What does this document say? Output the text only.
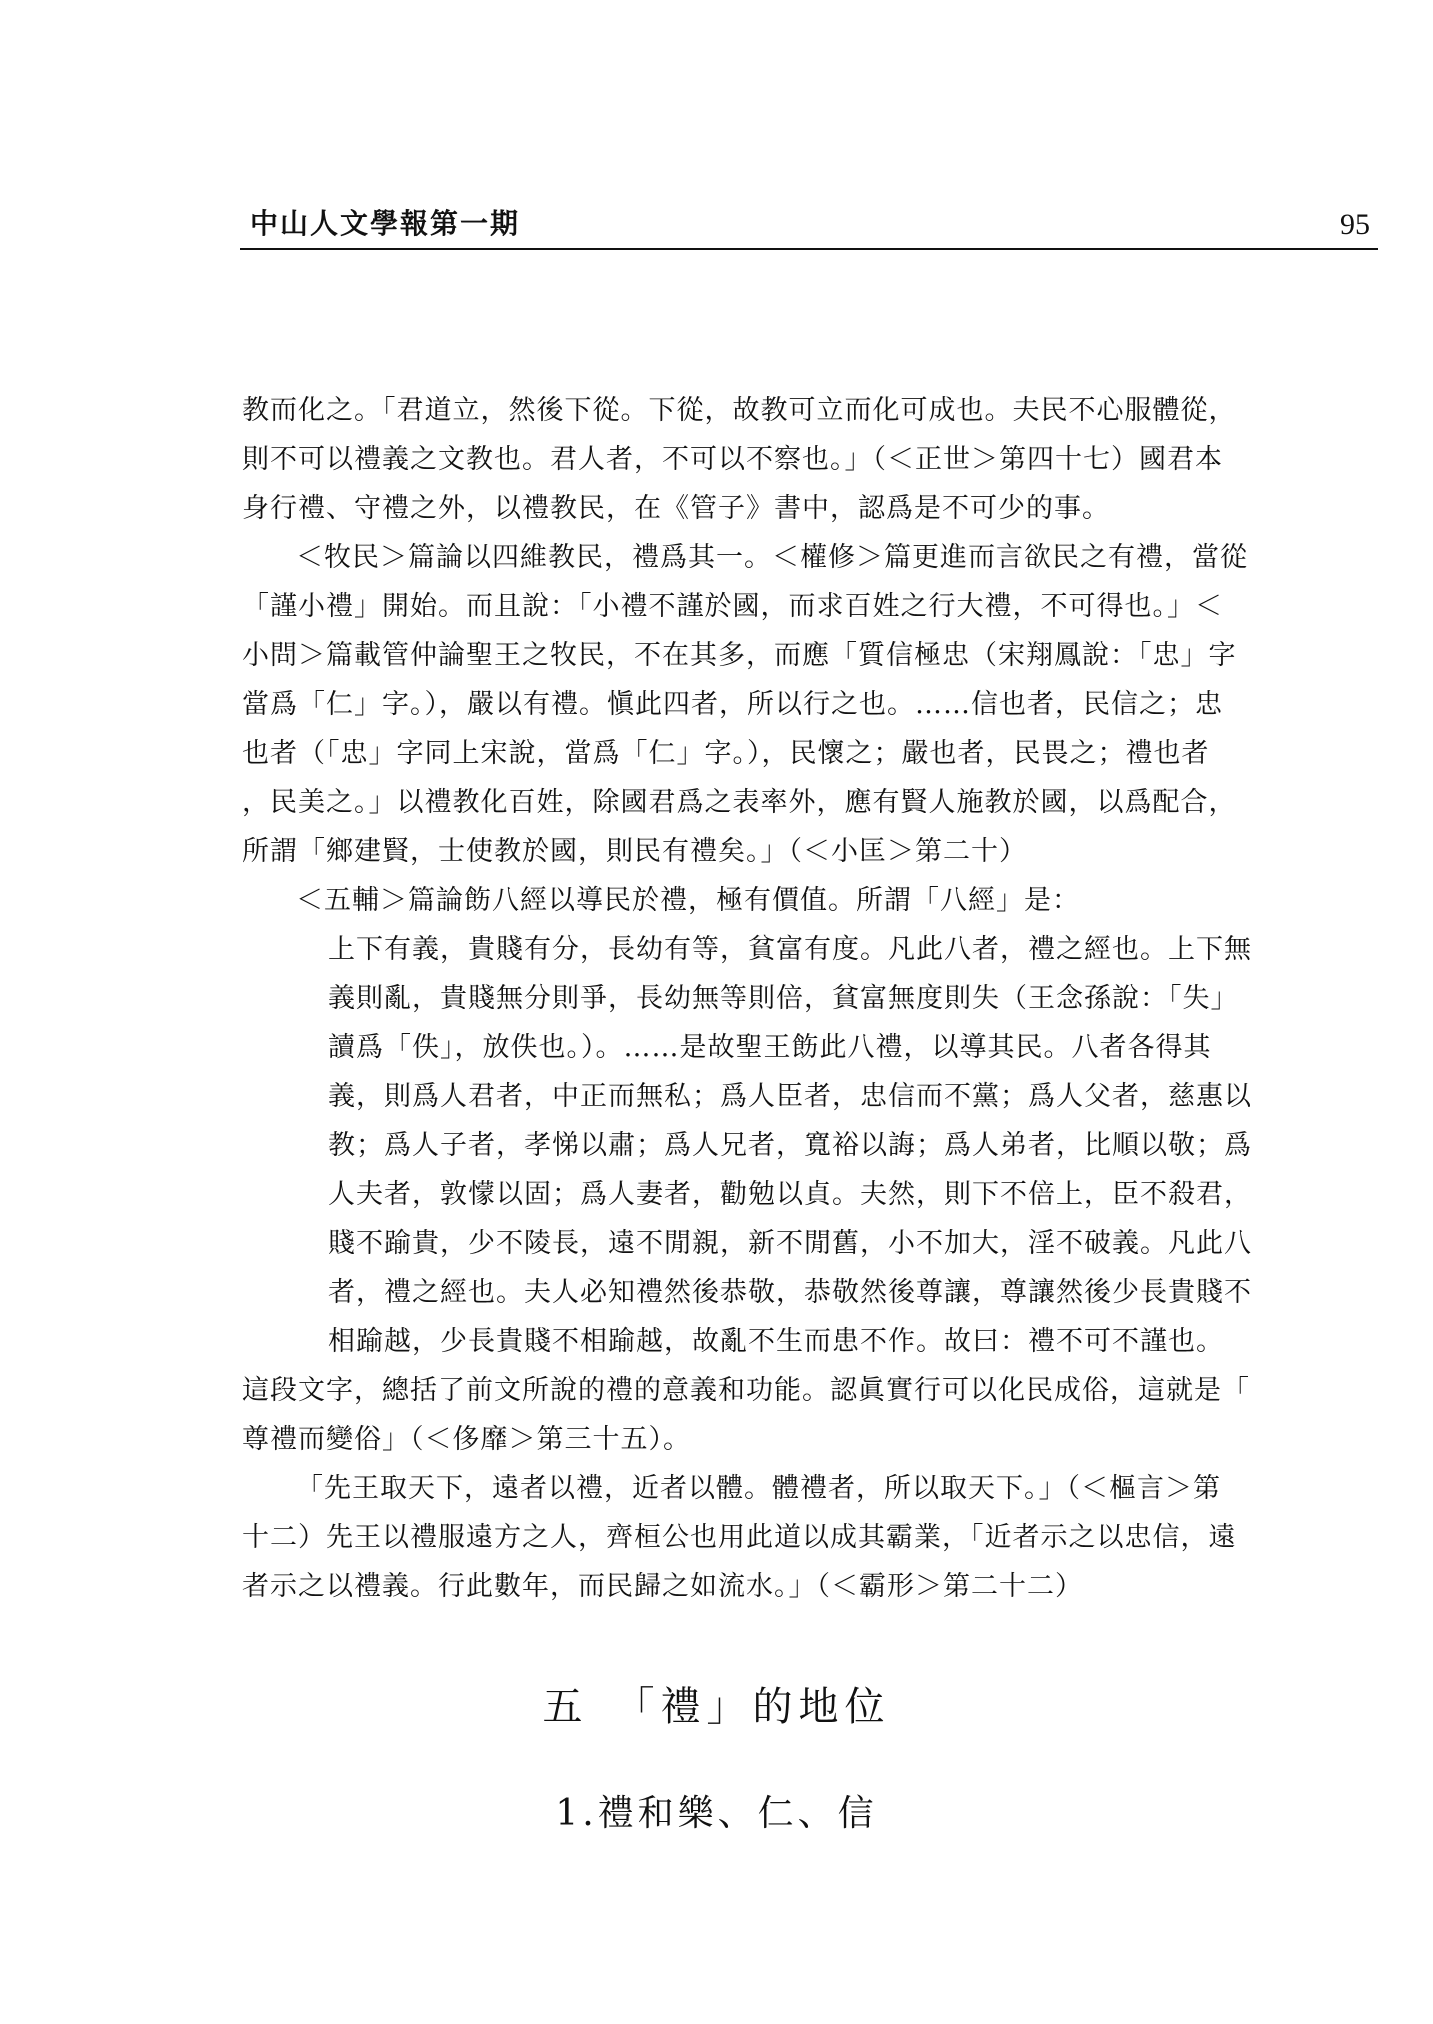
中山人文學報第一期	95
教而化之。「君道立，然後下從。下從，故教可立而化可成也。夫民不心服體從，
則不可以禮義之文教也。君人者，不可以不察也。」（＜正世＞第四十七）國君本
身行禮、守禮之外，以禮教民，在《管子》書中，認爲是不可少的事。
＜牧民＞篇論以四維教民，禮爲其一。＜權修＞篇更進而言欲民之有禮，當從
「謹小禮」開始。而且說：「小禮不謹於國，而求百姓之行大禮，不可得也。」＜
小問＞篇載管仲論聖王之牧民，不在其多，而應「質信極忠（宋翔鳳說：「忠」字
當爲「仁」字。），嚴以有禮。愼此四者，所以行之也。……信也者，民信之；忠
也者（「忠」字同上宋說，當爲「仁」字。），民懷之；嚴也者，民畏之；禮也者
，民美之。」以禮教化百姓，除國君爲之表率外，應有賢人施教於國，以爲配合，
所謂「鄉建賢，士使教於國，則民有禮矣。」（＜小匡＞第二十）
＜五輔＞篇論飭八經以導民於禮，極有價值。所謂「八經」是：
上下有義，貴賤有分，長幼有等，貧富有度。凡此八者，禮之經也。上下無
義則亂，貴賤無分則爭，長幼無等則倍，貧富無度則失（王念孫說：「失」
讀爲「佚」，放佚也。）。……是故聖王飭此八禮，以導其民。八者各得其
義，則爲人君者，中正而無私；爲人臣者，忠信而不黨；爲人父者，慈惠以
教；爲人子者，孝悌以肅；爲人兄者，寬裕以誨；爲人弟者，比順以敬；爲
人夫者，敦懞以固；爲人妻者，勸勉以貞。夫然，則下不倍上，臣不殺君，
賤不踰貴，少不陵長，遠不閒親，新不閒舊，小不加大，淫不破義。凡此八
者，禮之經也。夫人必知禮然後恭敬，恭敬然後尊讓，尊讓然後少長貴賤不
相踰越，少長貴賤不相踰越，故亂不生而患不作。故曰：禮不可不謹也。
這段文字，總括了前文所說的禮的意義和功能。認眞實行可以化民成俗，這就是「
尊禮而變俗」（＜侈靡＞第三十五）。
「先王取天下，遠者以禮，近者以體。體禮者，所以取天下。」（＜樞言＞第
十二）先王以禮服遠方之人，齊桓公也用此道以成其霸業，「近者示之以忠信，遠
者示之以禮義。行此數年，而民歸之如流水。」（＜霸形＞第二十二）
五　「禮」的地位
1.禮和樂、仁、信
